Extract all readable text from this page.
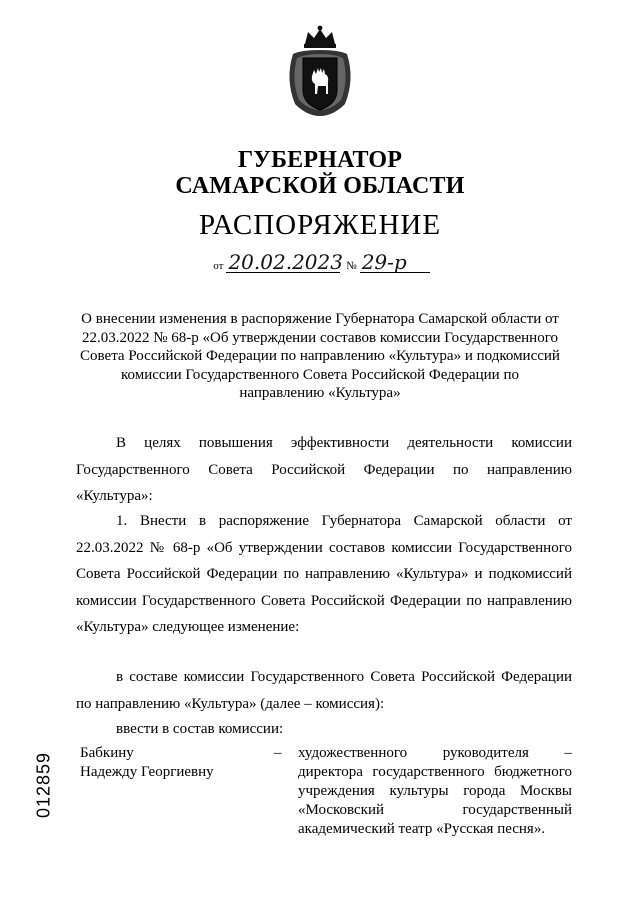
ГУБЕРНАТОР
САМАРСКОЙ ОБЛАСТИ
РАСПОРЯЖЕНИЕ
от 20.02.2023 № 29-р
О внесении изменения в распоряжение Губернатора Самарской области от 22.03.2022 № 68-р «Об утверждении составов комиссии Государственного Совета Российской Федерации по направлению «Культура» и подкомиссий комиссии Государственного Совета Российской Федерации по направлению «Культура»
В целях повышения эффективности деятельности комиссии Государственного Совета Российской Федерации по направлению «Культура»:
1. Внести в распоряжение Губернатора Самарской области от 22.03.2022 № 68-р «Об утверждении составов комиссии Государственного Совета Российской Федерации по направлению «Культура» и подкомиссий комиссии Государственного Совета Российской Федерации по направлению «Культура» следующее изменение:
в составе комиссии Государственного Совета Российской Федерации по направлению «Культура» (далее – комиссия):
ввести в состав комиссии:
Бабкину
Надежду Георгиевну
– художественного руководителя – директора государственного бюджетного учреждения культуры города Москвы «Московский государственный академический театр «Русская песня».
012859
